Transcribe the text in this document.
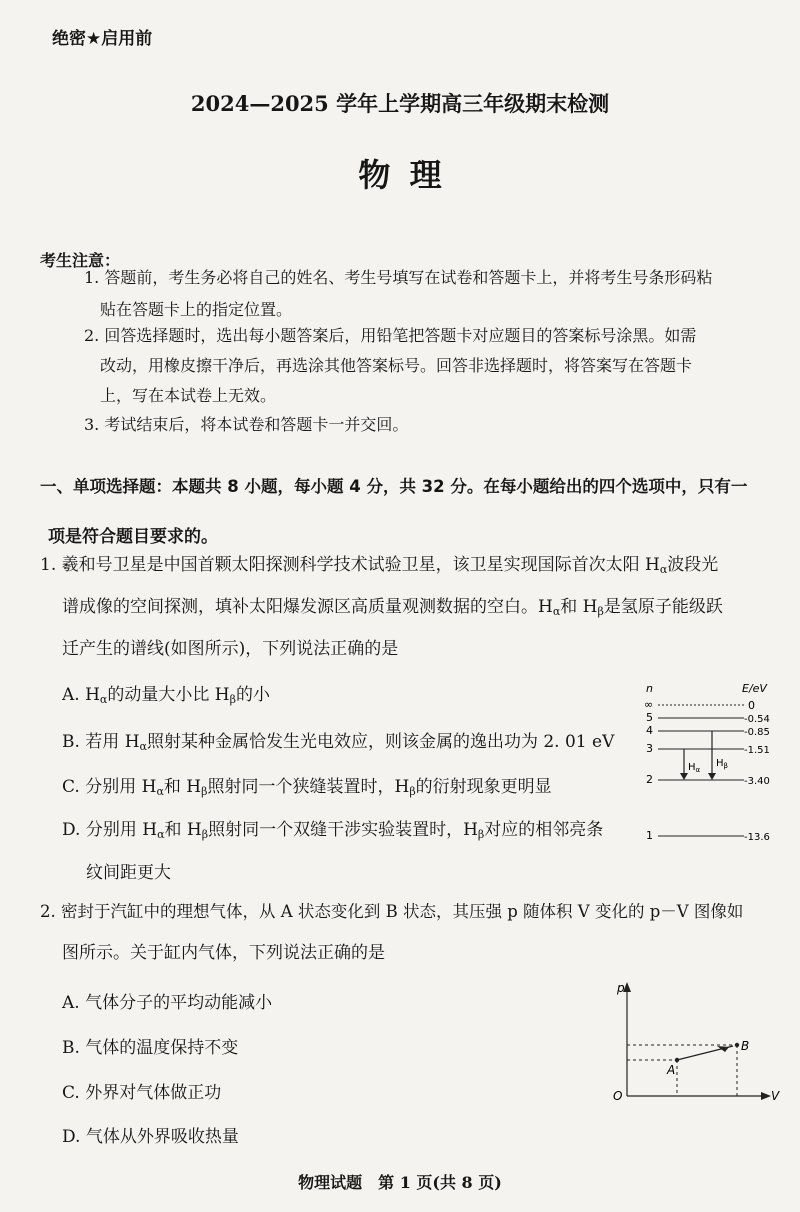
绝密★启用前
2024—2025 学年上学期高三年级期末检测
物理
考生注意：
1. 答题前，考生务必将自己的姓名、考生号填写在试卷和答题卡上，并将考生号条形码粘
贴在答题卡上的指定位置。
2. 回答选择题时，选出每小题答案后，用铅笔把答题卡对应题目的答案标号涂黑。如需
改动，用橡皮擦干净后，再选涂其他答案标号。回答非选择题时，将答案写在答题卡
上，写在本试卷上无效。
3. 考试结束后，将本试卷和答题卡一并交回。
一、单项选择题：本题共 8 小题，每小题 4 分，共 32 分。在每小题给出的四个选项中，只有一
项是符合题目要求的。
1. 羲和号卫星是中国首颗太阳探测科学技术试验卫星，该卫星实现国际首次太阳 $H_\alpha$波段光
谱成像的空间探测，填补太阳爆发源区高质量观测数据的空白。$H_\alpha$和 $H_\beta$是氢原子能级跃
迁产生的谱线(如图所示)，下列说法正确的是
A. $H_\alpha$的动量大小比 $H_\beta$的小
B. 若用 $H_\alpha$照射某种金属恰发生光电效应，则该金属的逸出功为 2. 01 eV
C. 分别用 $H_\alpha$和 $H_\beta$照射同一个狭缝装置时，$H_\beta$的衍射现象更明显
D. 分别用 $H_\alpha$和 $H_\beta$照射同一个双缝干涉实验装置时，$H_\beta$对应的相邻亮条
纹间距更大
n	E/eV
∞	0
5	-0.54
4	-0.85
3	-1.51
2	-3.40
1	-13.6
$H_\alpha$
$H_\beta$
2. 密封于汽缸中的理想气体，从 A 状态变化到 B 状态，其压强 p 随体积 V 变化的 p－V 图像如
图所示。关于缸内气体，下列说法正确的是
A. 气体分子的平均动能减小
B. 气体的温度保持不变
C. 外界对气体做正功
D. 气体从外界吸收热量
p
V
O
A
B
物理试题　第 1 页(共 8 页)
